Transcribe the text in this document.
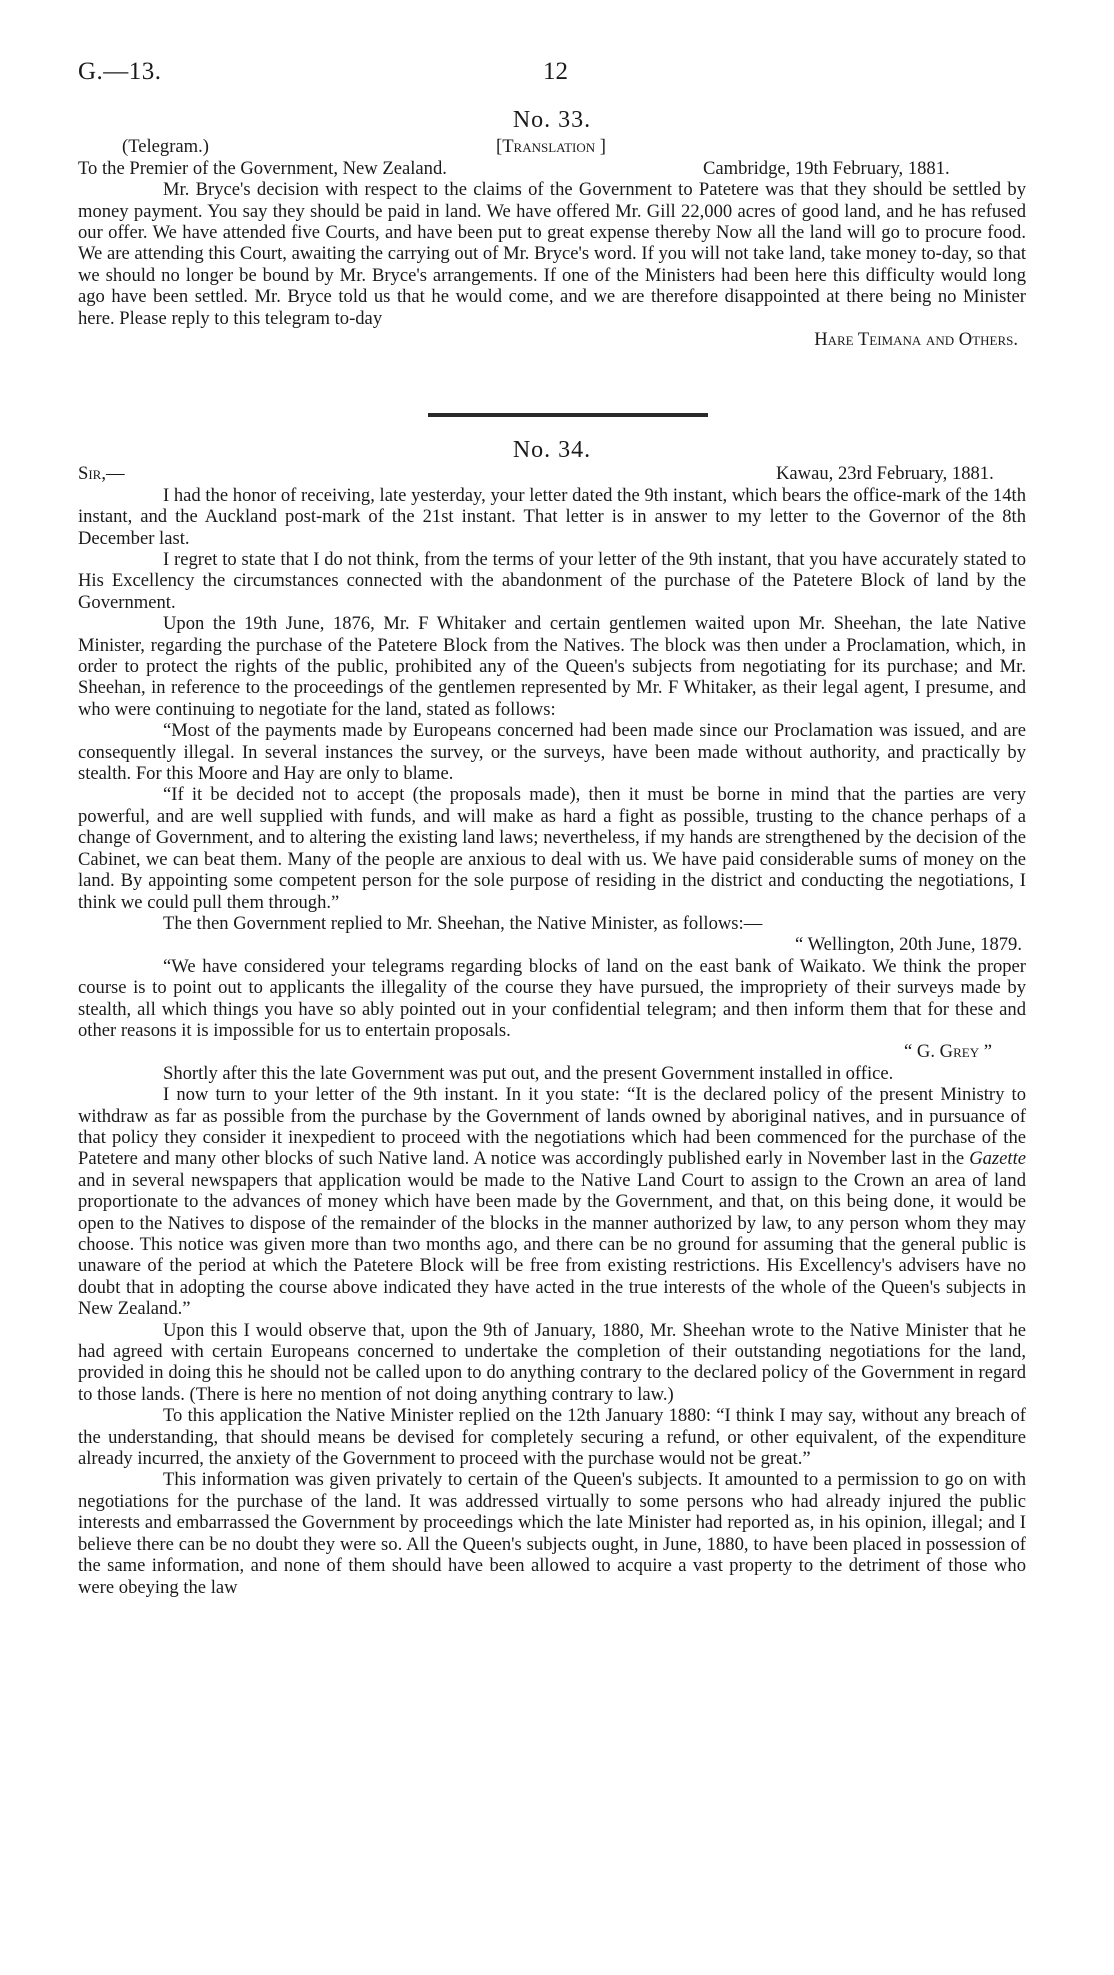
G.—13.	12
No. 33.
(Telegram.)	[Translation ]
To the Premier of the Government, New Zealand.	Cambridge, 19th February, 1881.

Mr. Bryce's decision with respect to the claims of the Government to Patetere was that they should be settled by money payment. You say they should be paid in land. We have offered Mr. Gill 22,000 acres of good land, and he has refused our offer. We have attended five Courts, and have been put to great expense thereby Now all the land will go to procure food. We are attending this Court, awaiting the carrying out of Mr. Bryce's word. If you will not take land, take money to-day, so that we should no longer be bound by Mr. Bryce's arrangements. If one of the Ministers had been here this difficulty would long ago have been settled. Mr. Bryce told us that he would come, and we are therefore disappointed at there being no Minister here. Please reply to this telegram to-day

Hare Teimana and Others.

No. 34.
Sir,—	Kawau, 23rd February, 1881.

I had the honor of receiving, late yesterday, your letter dated the 9th instant, which bears the office-mark of the 14th instant, and the Auckland post-mark of the 21st instant. That letter is in answer to my letter to the Governor of the 8th December last.

I regret to state that I do not think, from the terms of your letter of the 9th instant, that you have accurately stated to His Excellency the circumstances connected with the abandonment of the purchase of the Patetere Block of land by the Government.

Upon the 19th June, 1876, Mr. F Whitaker and certain gentlemen waited upon Mr. Sheehan, the late Native Minister, regarding the purchase of the Patetere Block from the Natives. The block was then under a Proclamation, which, in order to protect the rights of the public, prohibited any of the Queen's subjects from negotiating for its purchase; and Mr. Sheehan, in reference to the proceedings of the gentlemen represented by Mr. F Whitaker, as their legal agent, I presume, and who were continuing to negotiate for the land, stated as follows:

“Most of the payments made by Europeans concerned had been made since our Proclamation was issued, and are consequently illegal. In several instances the survey, or the surveys, have been made without authority, and practically by stealth. For this Moore and Hay are only to blame.

“If it be decided not to accept (the proposals made), then it must be borne in mind that the parties are very powerful, and are well supplied with funds, and will make as hard a fight as possible, trusting to the chance perhaps of a change of Government, and to altering the existing land laws; nevertheless, if my hands are strengthened by the decision of the Cabinet, we can beat them. Many of the people are anxious to deal with us. We have paid considerable sums of money on the land. By appointing some competent person for the sole purpose of residing in the district and conducting the negotiations, I think we could pull them through.”

The then Government replied to Mr. Sheehan, the Native Minister, as follows:—

“ Wellington, 20th June, 1879.

“We have considered your telegrams regarding blocks of land on the east bank of Waikato. We think the proper course is to point out to applicants the illegality of the course they have pursued, the impropriety of their surveys made by stealth, all which things you have so ably pointed out in your confidential telegram; and then inform them that for these and other reasons it is impossible for us to entertain proposals.

“ G. Grey ”

Shortly after this the late Government was put out, and the present Government installed in office.

I now turn to your letter of the 9th instant. In it you state: “It is the declared policy of the present Ministry to withdraw as far as possible from the purchase by the Government of lands owned by aboriginal natives, and in pursuance of that policy they consider it inexpedient to proceed with the negotiations which had been commenced for the purchase of the Patetere and many other blocks of such Native land. A notice was accordingly published early in November last in the Gazette and in several newspapers that application would be made to the Native Land Court to assign to the Crown an area of land proportionate to the advances of money which have been made by the Government, and that, on this being done, it would be open to the Natives to dispose of the remainder of the blocks in the manner authorized by law, to any person whom they may choose. This notice was given more than two months ago, and there can be no ground for assuming that the general public is unaware of the period at which the Patetere Block will be free from existing restrictions. His Excellency's advisers have no doubt that in adopting the course above indicated they have acted in the true interests of the whole of the Queen's subjects in New Zealand.”

Upon this I would observe that, upon the 9th of January, 1880, Mr. Sheehan wrote to the Native Minister that he had agreed with certain Europeans concerned to undertake the completion of their outstanding negotiations for the land, provided in doing this he should not be called upon to do anything contrary to the declared policy of the Government in regard to those lands. (There is here no mention of not doing anything contrary to law.)

To this application the Native Minister replied on the 12th January 1880: “I think I may say, without any breach of the understanding, that should means be devised for completely securing a refund, or other equivalent, of the expenditure already incurred, the anxiety of the Government to proceed with the purchase would not be great.”

This information was given privately to certain of the Queen's subjects. It amounted to a permission to go on with negotiations for the purchase of the land. It was addressed virtually to some persons who had already injured the public interests and embarrassed the Government by proceedings which the late Minister had reported as, in his opinion, illegal; and I believe there can be no doubt they were so. All the Queen's subjects ought, in June, 1880, to have been placed in possession of the same information, and none of them should have been allowed to acquire a vast property to the detriment of those who were obeying the law
